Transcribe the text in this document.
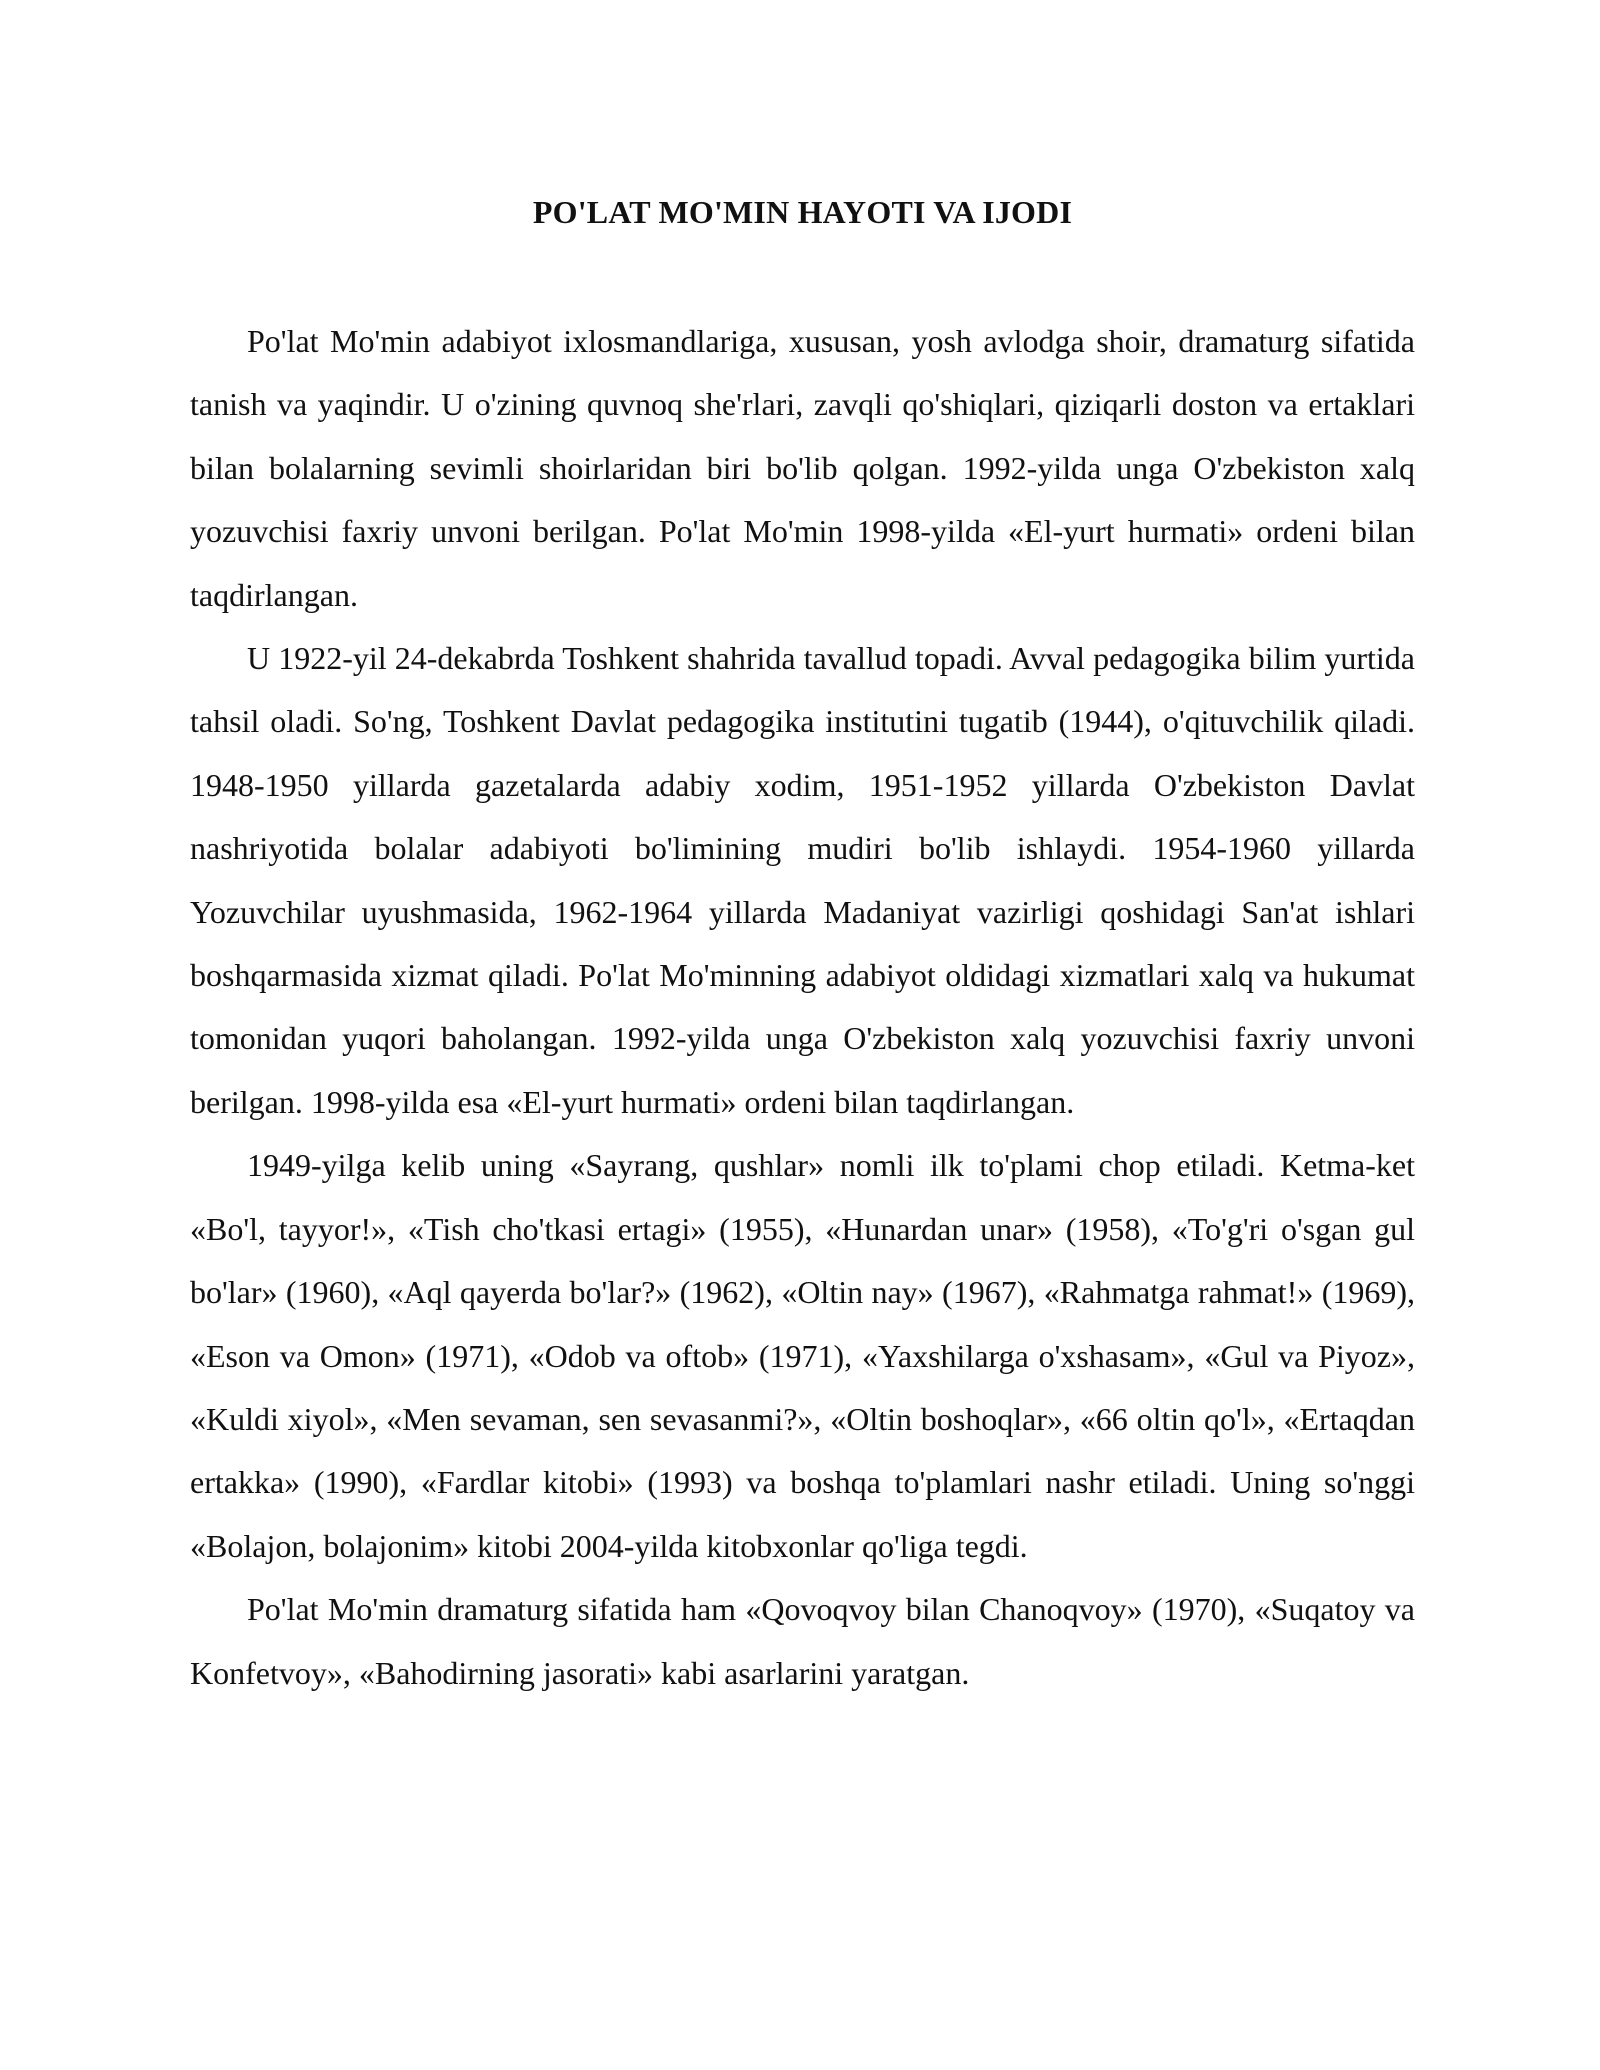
PO'LAT MO'MIN HAYOTI VA IJODI

Po'lat Mo'min adabiyot ixlosmandlariga, xususan, yosh avlodga shoir, dramaturg sifatida tanish va yaqindir. U o'zining quvnoq she'rlari, zavqli qo'shiqlari, qiziqarli doston va ertaklari bilan bolalarning sevimli shoirlaridan biri bo'lib qolgan. 1992-yilda unga O'zbekiston xalq yozuvchisi faxriy unvoni berilgan. Po'lat Mo'min 1998-yilda «El-yurt hurmati» ordeni bilan taqdirlangan.

U 1922-yil 24-dekabrda Toshkent shahrida tavallud topadi. Avval pedagogika bilim yurtida tahsil oladi. So'ng, Toshkent Davlat pedagogika institutini tugatib (1944), o'qituvchilik qiladi. 1948-1950 yillarda gazetalarda adabiy xodim, 1951-1952 yillarda O'zbekiston Davlat nashriyotida bolalar adabiyoti bo'limining mudiri bo'lib ishlaydi. 1954-1960 yillarda Yozuvchilar uyushmasida, 1962-1964 yillarda Madaniyat vazirligi qoshidagi San'at ishlari boshqarmasida xizmat qiladi. Po'lat Mo'minning adabiyot oldidagi xizmatlari xalq va hukumat tomonidan yuqori baholangan. 1992-yilda unga O'zbekiston xalq yozuvchisi faxriy unvoni berilgan. 1998-yilda esa «El-yurt hurmati» ordeni bilan taqdirlangan.

1949-yilga kelib uning «Sayrang, qushlar» nomli ilk to'plami chop etiladi. Ketma-ket «Bo'l, tayyor!», «Tish cho'tkasi ertagi» (1955), «Hunardan unar» (1958), «To'g'ri o'sgan gul bo'lar» (1960), «Aql qayerda bo'lar?» (1962), «Oltin nay» (1967), «Rahmatga rahmat!» (1969), «Eson va Omon» (1971), «Odob va oftob» (1971), «Yaxshilarga o'xshasam», «Gul va Piyoz», «Kuldi xiyol», «Men sevaman, sen sevasanmi?», «Oltin boshoqlar», «66 oltin qo'l», «Ertaqdan ertakka» (1990), «Fardlar kitobi» (1993) va boshqa to'plamlari nashr etiladi. Uning so'nggi «Bolajon, bolajonim» kitobi 2004-yilda kitobxonlar qo'liga tegdi.

Po'lat Mo'min dramaturg sifatida ham «Qovoqvoy bilan Chanoqvoy» (1970), «Suqatoy va Konfetvoy», «Bahodirning jasorati» kabi asarlarini yaratgan.
